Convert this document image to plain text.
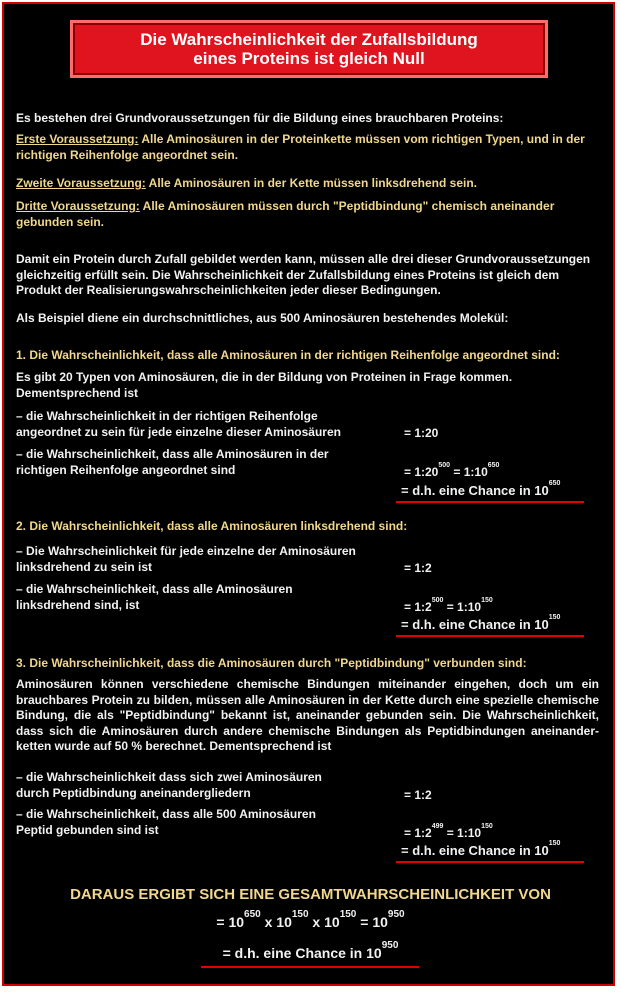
Die Wahrscheinlichkeit der Zufallsbildung
eines Proteins ist gleich Null
Es bestehen drei Grundvoraussetzungen für die Bildung eines brauchbaren Proteins:
Erste Voraussetzung: Alle Aminosäuren in der Proteinkette müssen vom richtigen Typen, und in der richtigen Reihenfolge angeordnet sein.
Zweite Voraussetzung: Alle Aminosäuren in der Kette müssen linksdrehend sein.
Dritte Voraussetzung: Alle Aminosäuren müssen durch "Peptidbindung" chemisch aneinander gebunden sein.
Damit ein Protein durch Zufall gebildet werden kann, müssen alle drei dieser Grundvoraussetzungen gleichzeitig erfüllt sein. Die Wahrscheinlichkeit der Zufallsbildung eines Proteins ist gleich dem Produkt der Realisierungswahrscheinlichkeiten jeder dieser Bedingungen.
Als Beispiel diene ein durchschnittliches, aus 500 Aminosäuren bestehendes Molekül:
1. Die Wahrscheinlichkeit, dass alle Aminosäuren in der richtigen Reihenfolge angeordnet sind:
Es gibt 20 Typen von Aminosäuren, die in der Bildung von Proteinen in Frage kommen. Dementsprechend ist
– die Wahrscheinlichkeit in der richtigen Reihenfolge angeordnet zu sein für jede einzelne dieser Aminosäuren	= 1:20
– die Wahrscheinlichkeit, dass alle Aminosäuren in der richtigen Reihenfolge angeordnet sind	= $1:20^{500}$ = $1:10^{650}$
= d.h. eine Chance in $10^{650}$
2. Die Wahrscheinlichkeit, dass alle Aminosäuren linksdrehend sind:
– Die Wahrscheinlichkeit für jede einzelne der Aminosäuren linksdrehend zu sein ist	= 1:2
– die Wahrscheinlichkeit, dass alle Aminosäuren linksdrehend sind, ist	= $1:2^{500}$ = $1:10^{150}$
= d.h. eine Chance in $10^{150}$
3. Die Wahrscheinlichkeit, dass die Aminosäuren durch "Peptidbindung" verbunden sind:
Aminosäuren können verschiedene chemische Bindungen miteinander eingehen, doch um ein brauchbares Protein zu bilden, müssen alle Aminosäuren in der Kette durch eine spezielle chemische Bindung, die als "Peptidbindung" bekannt ist, aneinander gebunden sein. Die Wahrscheinlichkeit, dass sich die Aminosäuren durch andere chemische Bindungen als Peptidbindungen aneinander-ketten wurde auf 50 % berechnet. Dementsprechend ist
– die Wahrscheinlichkeit dass sich zwei Aminosäuren durch Peptidbindung aneinandergliedern	= 1:2
– die Wahrscheinlichkeit, dass alle 500 Aminosäuren Peptid gebunden sind ist	= $1:2^{499}$ = $1:10^{150}$
= d.h. eine Chance in $10^{150}$
DARAUS ERGIBT SICH EINE GESAMTWAHRSCHEINLICHKEIT VON
= $10^{650}$ x $10^{150}$ x $10^{150} = 10^{950}$
= d.h. eine Chance in $10^{950}$
